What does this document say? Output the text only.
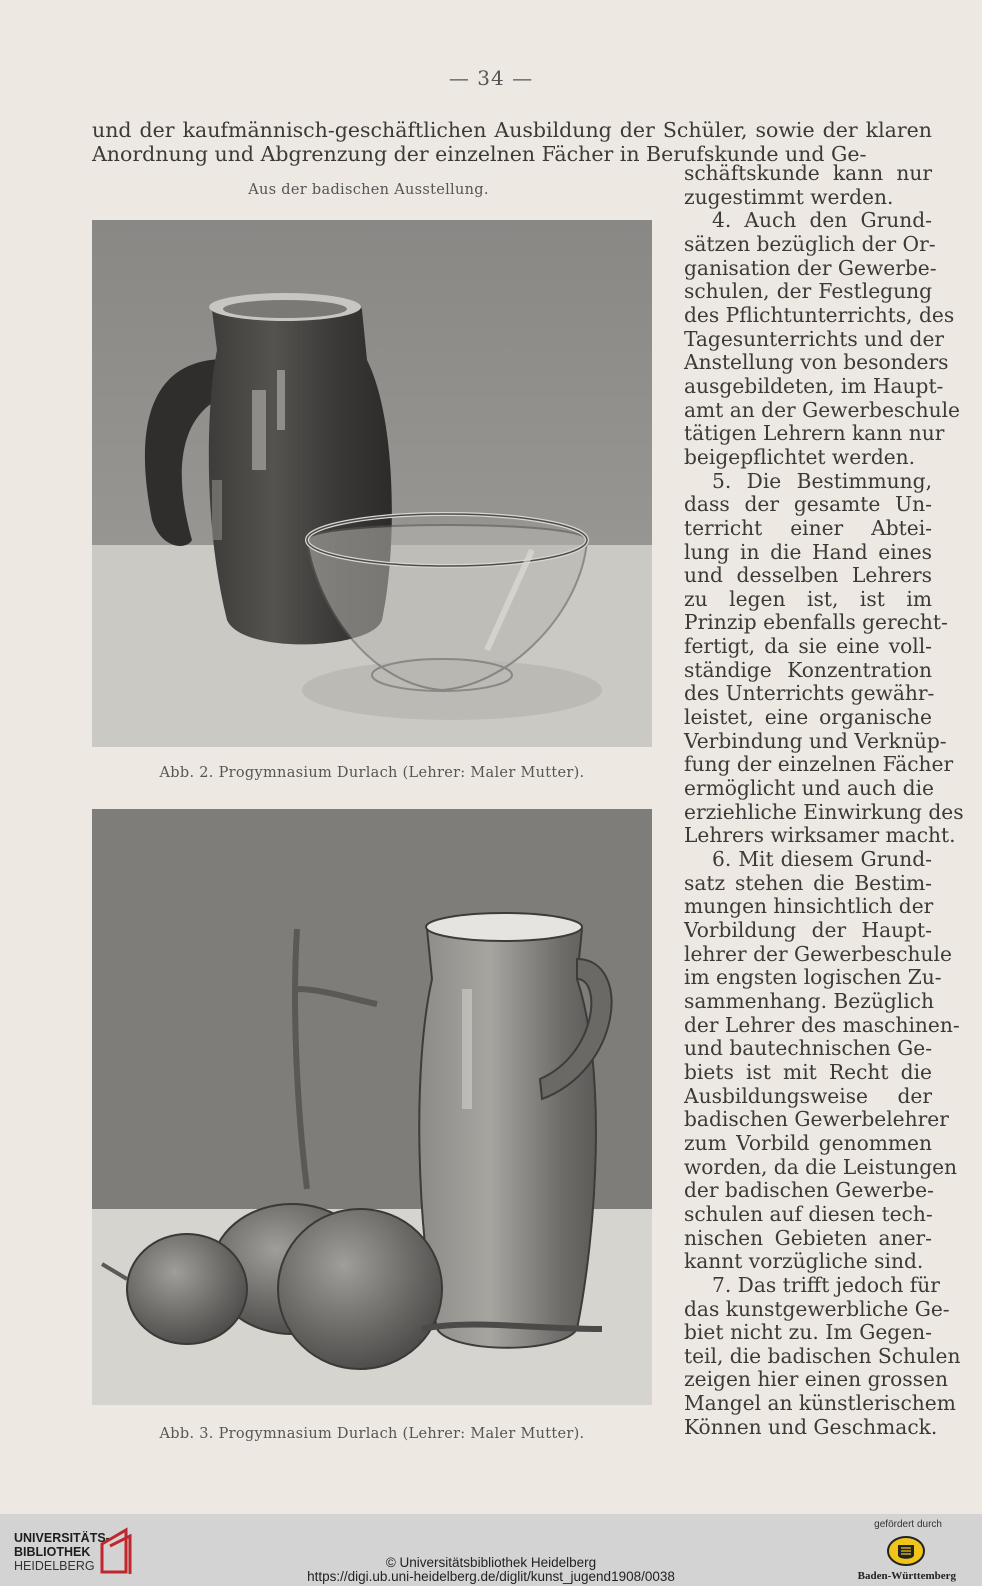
— 34 —
und der kaufmännisch-geschäftlichen Ausbildung der Schüler, sowie der klaren
Anordnung und Abgrenzung der einzelnen Fächer in Berufskunde und Ge-
schäftskunde kann nur
zugestimmt werden.
4. Auch den Grund-
sätzen bezüglich der Or-
ganisation der Gewerbe-
schulen, der Festlegung
des Pflichtunterrichts, des
Tagesunterrichts und der
Anstellung von besonders
ausgebildeten, im Haupt-
amt an der Gewerbeschule
tätigen Lehrern kann nur
beigepflichtet werden.
5. Die Bestimmung,
dass der gesamte Un-
terricht einer Abtei-
lung in die Hand eines
und desselben Lehrers
zu legen ist, ist im
Prinzip ebenfalls gerecht-
fertigt, da sie eine voll-
ständige Konzentration
des Unterrichts gewähr-
leistet, eine organische
Verbindung und Verknüp-
fung der einzelnen Fächer
ermöglicht und auch die
erziehliche Einwirkung des
Lehrers wirksamer macht.
6. Mit diesem Grund-
satz stehen die Bestim-
mungen hinsichtlich der
Vorbildung der Haupt-
lehrer der Gewerbeschule
im engsten logischen Zu-
sammenhang. Bezüglich
der Lehrer des maschinen-
und bautechnischen Ge-
biets ist mit Recht die
Ausbildungsweise der
badischen Gewerbelehrer
zum Vorbild genommen
worden, da die Leistungen
der badischen Gewerbe-
schulen auf diesen tech-
nischen Gebieten aner-
kannt vorzügliche sind.
7. Das trifft jedoch für
das kunstgewerbliche Ge-
biet nicht zu. Im Gegen-
teil, die badischen Schulen
zeigen hier einen grossen
Mangel an künstlerischem
Können und Geschmack.
Aus der badischen Ausstellung.
Abb. 2. Progymnasium Durlach (Lehrer: Maler Mutter).
Abb. 3. Progymnasium Durlach (Lehrer: Maler Mutter).
UNIVERSITÄTS-
BIBLIOTHEK
HEIDELBERG	© Universitätsbibliothek Heidelberg
https://digi.ub.uni-heidelberg.de/diglit/kunst_jugend1908/0038
gefördert durch
Baden-Württemberg
